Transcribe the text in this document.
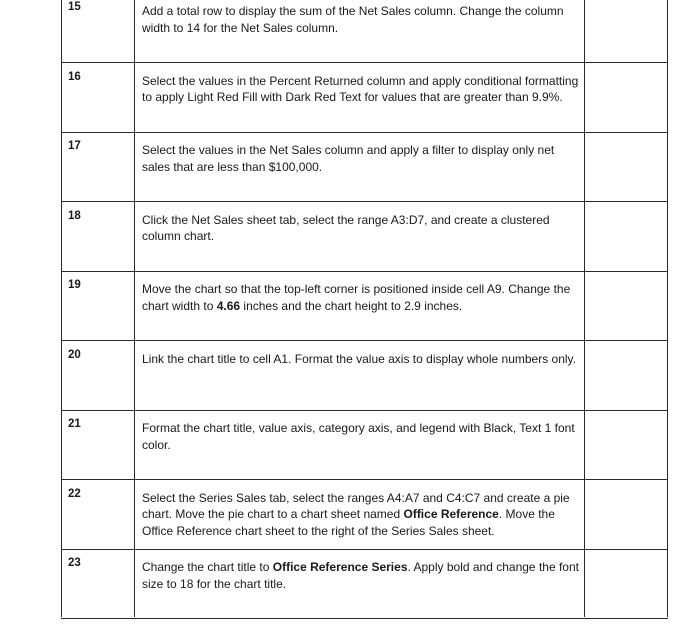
15	Add a total row to display the sum of the Net Sales column. Change the column width to 14 for the Net Sales column.
16	Select the values in the Percent Returned column and apply conditional formatting to apply Light Red Fill with Dark Red Text for values that are greater than 9.9%.
17	Select the values in the Net Sales column and apply a filter to display only net sales that are less than $100,000.
18	Click the Net Sales sheet tab, select the range A3:D7, and create a clustered column chart.
19	Move the chart so that the top-left corner is positioned inside cell A9. Change the chart width to 4.66 inches and the chart height to 2.9 inches.
20	Link the chart title to cell A1. Format the value axis to display whole numbers only.
21	Format the chart title, value axis, category axis, and legend with Black, Text 1 font color.
22	Select the Series Sales tab, select the ranges A4:A7 and C4:C7 and create a pie chart. Move the pie chart to a chart sheet named Office Reference. Move the Office Reference chart sheet to the right of the Series Sales sheet.
23	Change the chart title to Office Reference Series. Apply bold and change the font size to 18 for the chart title.
